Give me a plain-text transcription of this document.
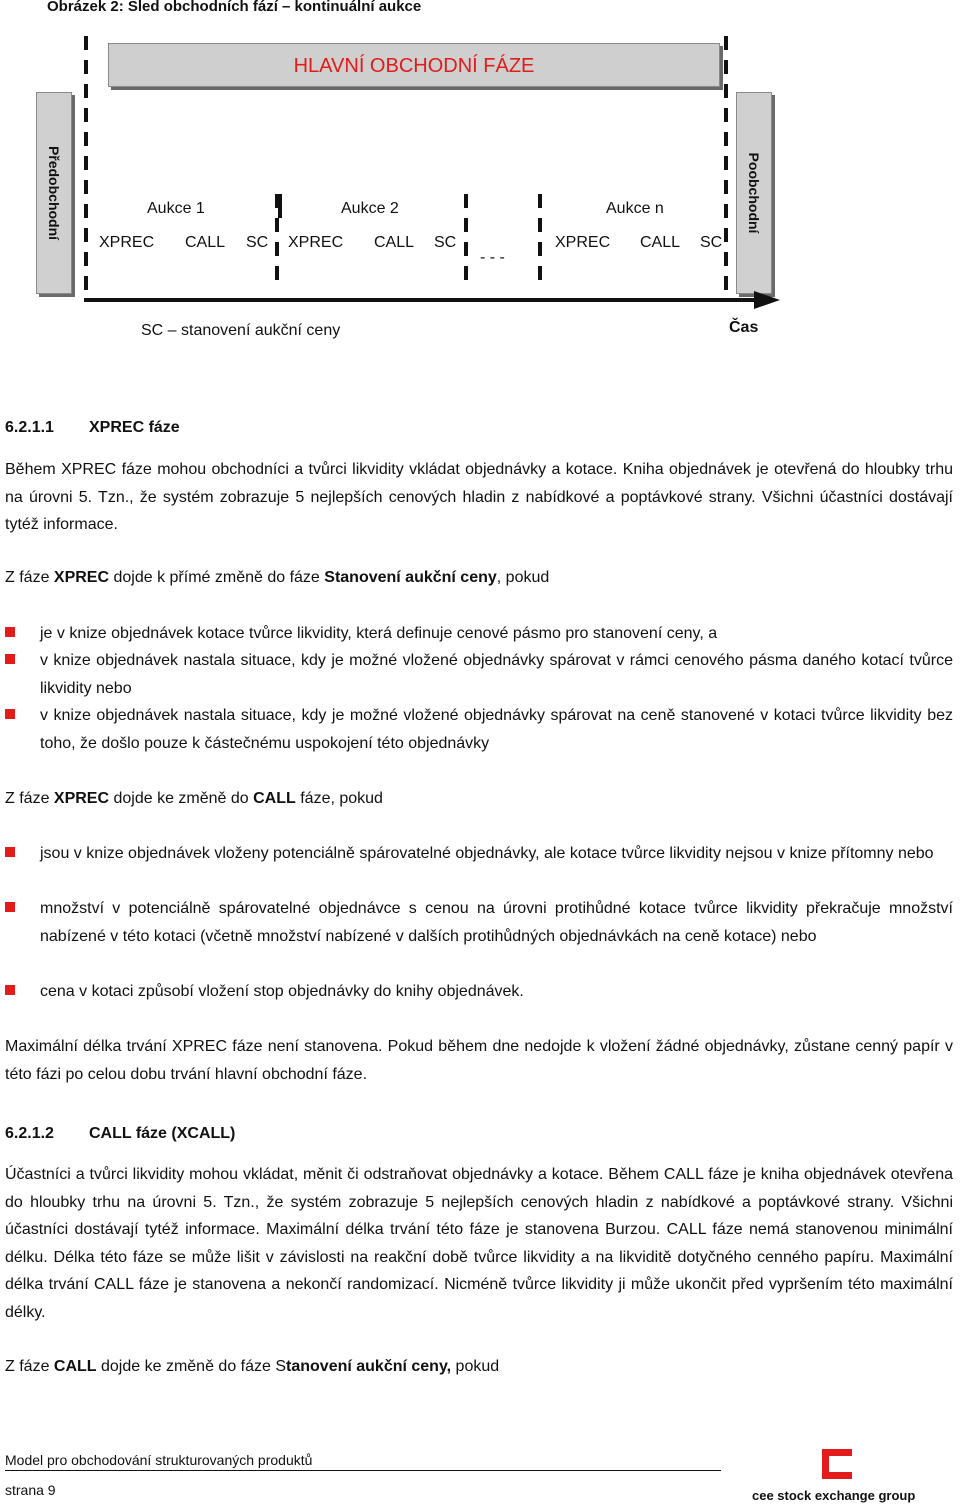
Obrázek 2: Sled obchodních fází – kontinuální aukce
HLAVNÍ OBCHODNÍ FÁZE
Předobchodní	Poobchodní
Aukce 1	Aukce 2	Aukce n
XPREC CALL SC XPREC CALL SC
- - -
XPREC CALL SC
SC – stanovení aukční ceny	Čas
6.2.1.1 XPREC fáze
Během XPREC fáze mohou obchodníci a tvůrci likvidity vkládat objednávky a kotace. Kniha objednávek je otevřená do hloubky trhu na úrovni 5. Tzn., že systém zobrazuje 5 nejlepších cenových hladin z nabídkové a poptávkové strany. Všichni účastníci dostávají tytéž informace.
Z fáze XPREC dojde k přímé změně do fáze Stanovení aukční ceny, pokud
je v knize objednávek kotace tvůrce likvidity, která definuje cenové pásmo pro stanovení ceny, a
v knize objednávek nastala situace, kdy je možné vložené objednávky spárovat v rámci cenového pásma daného kotací tvůrce likvidity nebo
v knize objednávek nastala situace, kdy je možné vložené objednávky spárovat na ceně stanovené v kotaci tvůrce likvidity bez toho, že došlo pouze k částečnému uspokojení této objednávky
Z fáze XPREC dojde ke změně do CALL fáze, pokud
jsou v knize objednávek vloženy potenciálně spárovatelné objednávky, ale kotace tvůrce likvidity nejsou v knize přítomny nebo
množství v potenciálně spárovatelné objednávce s cenou na úrovni protihůdné kotace tvůrce likvidity překračuje množství nabízené v této kotaci (včetně množství nabízené v dalších protihůdných objednávkách na ceně kotace) nebo
cena v kotaci způsobí vložení stop objednávky do knihy objednávek.
Maximální délka trvání XPREC fáze není stanovena. Pokud během dne nedojde k vložení žádné objednávky, zůstane cenný papír v této fázi po celou dobu trvání hlavní obchodní fáze.
6.2.1.2 CALL fáze (XCALL)
Účastníci a tvůrci likvidity mohou vkládat, měnit či odstraňovat objednávky a kotace. Během CALL fáze je kniha objednávek otevřena do hloubky trhu na úrovni 5. Tzn., že systém zobrazuje 5 nejlepších cenových hladin z nabídkové a poptávkové strany. Všichni účastníci dostávají tytéž informace. Maximální délka trvání této fáze je stanovena Burzou. CALL fáze nemá stanovenou minimální délku. Délka této fáze se může lišit v závislosti na reakční době tvůrce likvidity a na likviditě dotyčného cenného papíru. Maximální délka trvání CALL fáze je stanovena a nekončí randomizací. Nicméně tvůrce likvidity ji může ukončit před vypršením této maximální délky.
Z fáze CALL dojde ke změně do fáze Stanovení aukční ceny, pokud
Model pro obchodování strukturovaných produktů
strana 9	cee stock exchange group
